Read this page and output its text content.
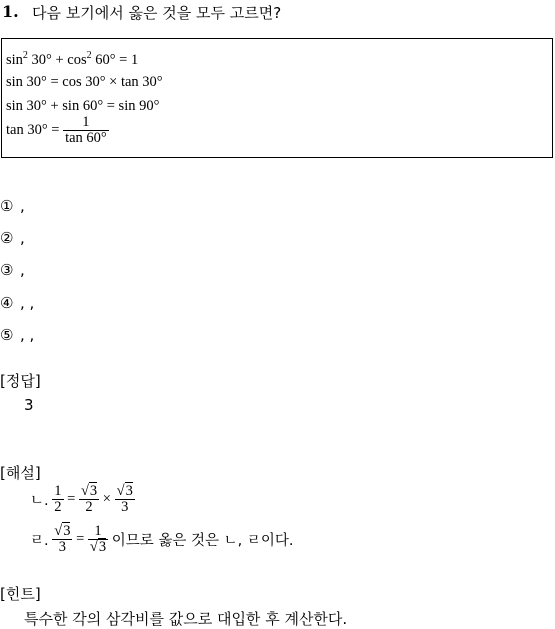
1. 다음 보기에서 옳은 것을 모두 고르면?
$\sin^2 30^\circ + \cos^2 60^\circ = 1$
sin 30° = cos 30° × tan 30°
sin 30° + sin 60° = sin 90°
$\tan 30^\circ = \frac{1}{\tan 60^\circ}$
① ,
② ,
③ ,
④ , ,
⑤ , ,
[정답]
3
[해설]
ㄴ. $\frac{1}{2} = \frac{√3}{2} \times \frac{√3}{3}$
ㄹ. $\frac{√3}{3} = \frac{1}{√3}$ 이므로 옳은 것은 ㄴ, ㄹ이다.
[힌트]
특수한 각의 삼각비를 값으로 대입한 후 계산한다.
